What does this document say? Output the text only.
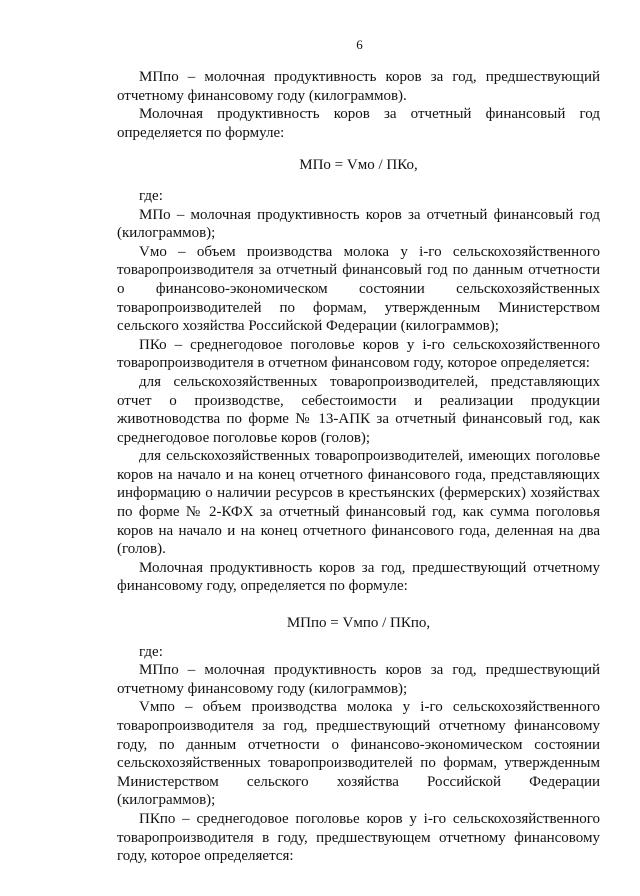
6

МПпо – молочная продуктивность коров за год, предшествующий отчетному финансовому году (килограммов).

Молочная продуктивность коров за отчетный финансовый год определяется по формуле:

МПо = Vмо / ПКо,

где:

МПо – молочная продуктивность коров за отчетный финансовый год (килограммов);

Vмо – объем производства молока у i-го сельскохозяйственного товаропроизводителя за отчетный финансовый год по данным отчетности о финансово-экономическом состоянии сельскохозяйственных товаропроизводителей по формам, утвержденным Министерством сельского хозяйства Российской Федерации (килограммов);

ПКо – среднегодовое поголовье коров у i-го сельскохозяйственного товаропроизводителя в отчетном финансовом году, которое определяется:

для сельскохозяйственных товаропроизводителей, представляющих отчет о производстве, себестоимости и реализации продукции животноводства по форме № 13-АПК за отчетный финансовый год, как среднегодовое поголовье коров (голов);

для сельскохозяйственных товаропроизводителей, имеющих поголовье коров на начало и на конец отчетного финансового года, представляющих информацию о наличии ресурсов в крестьянских (фермерских) хозяйствах по форме № 2-КФХ за отчетный финансовый год, как сумма поголовья коров на начало и на конец отчетного финансового года, деленная на два (голов).

Молочная продуктивность коров за год, предшествующий отчетному финансовому году, определяется по формуле:

МПпо = Vмпо / ПКпо,

где:

МПпо – молочная продуктивность коров за год, предшествующий отчетному финансовому году (килограммов);

Vмпо – объем производства молока у i-го сельскохозяйственного товаропроизводителя за год, предшествующий отчетному финансовому году, по данным отчетности о финансово-экономическом состоянии сельскохозяйственных товаропроизводителей по формам, утвержденным Министерством сельского хозяйства Российской Федерации (килограммов);

ПКпо – среднегодовое поголовье коров у i-го сельскохозяйственного товаропроизводителя в году, предшествующем отчетному финансовому году, которое определяется:
